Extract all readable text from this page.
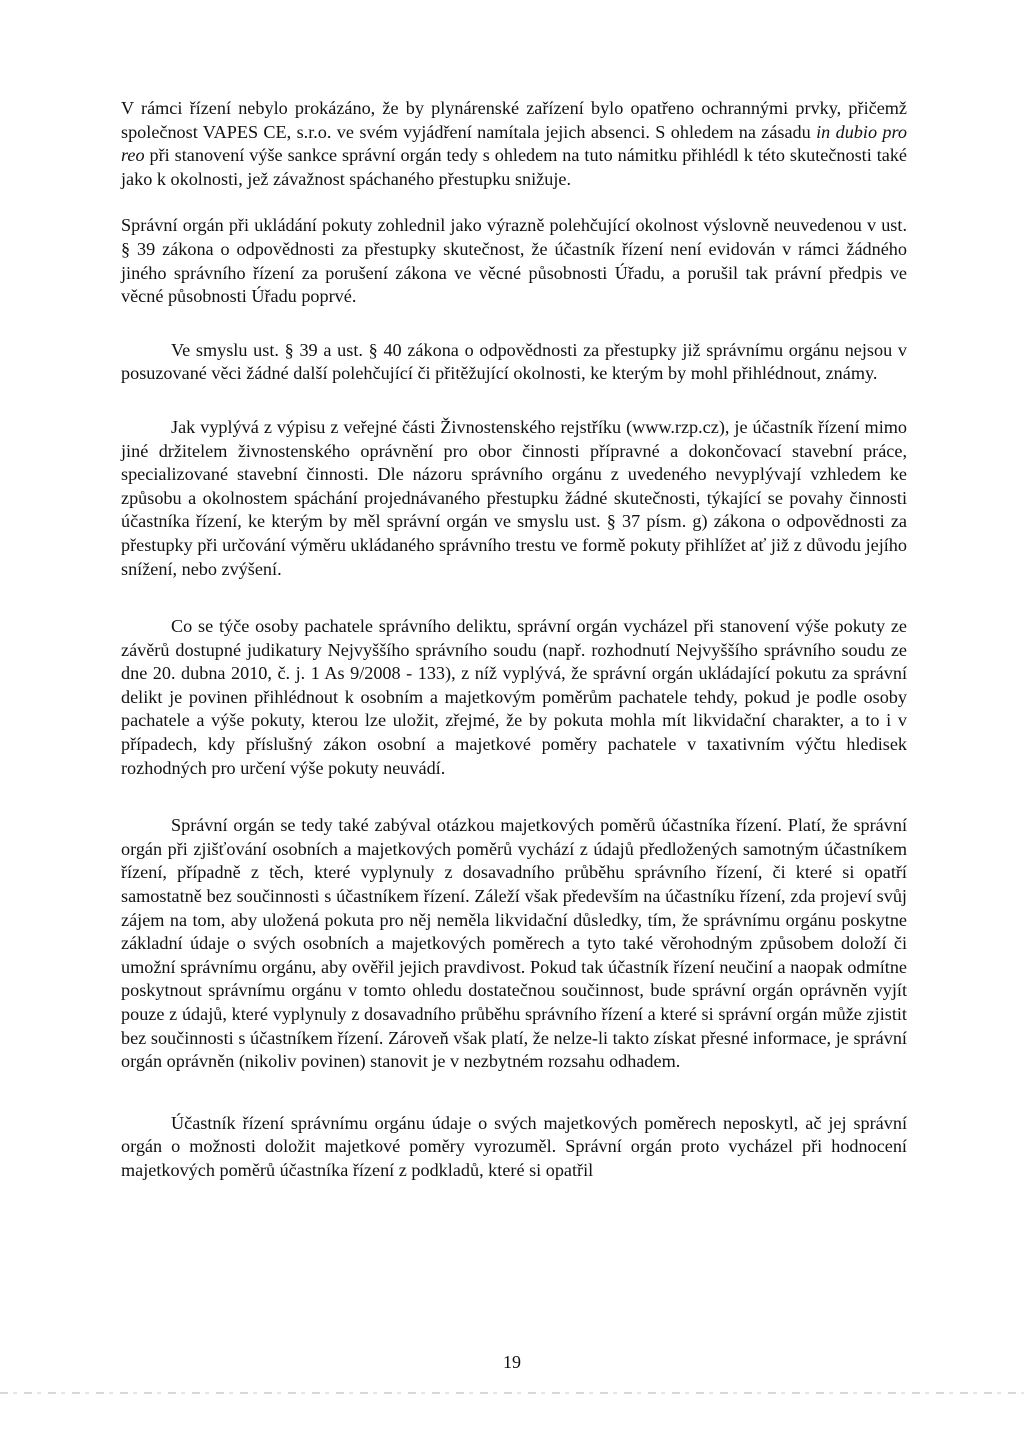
V rámci řízení nebylo prokázáno, že by plynárenské zařízení bylo opatřeno ochrannými prvky, přičemž společnost VAPES CE, s.r.o. ve svém vyjádření namítala jejich absenci. S ohledem na zásadu in dubio pro reo při stanovení výše sankce správní orgán tedy s ohledem na tuto námitku přihlédl k této skutečnosti také jako k okolnosti, jež závažnost spáchaného přestupku snižuje.

Správní orgán při ukládání pokuty zohlednil jako výrazně polehčující okolnost výslovně neuvedenou v ust. § 39 zákona o odpovědnosti za přestupky skutečnost, že účastník řízení není evidován v rámci žádného jiného správního řízení za porušení zákona ve věcné působnosti Úřadu, a porušil tak právní předpis ve věcné působnosti Úřadu poprvé.

Ve smyslu ust. § 39 a ust. § 40 zákona o odpovědnosti za přestupky již správnímu orgánu nejsou v posuzované věci žádné další polehčující či přitěžující okolnosti, ke kterým by mohl přihlédnout, známy.

Jak vyplývá z výpisu z veřejné části Živnostenského rejstříku (www.rzp.cz), je účastník řízení mimo jiné držitelem živnostenského oprávnění pro obor činnosti přípravné a dokončovací stavební práce, specializované stavební činnosti. Dle názoru správního orgánu z uvedeného nevyplývají vzhledem ke způsobu a okolnostem spáchání projednávaného přestupku žádné skutečnosti, týkající se povahy činnosti účastníka řízení, ke kterým by měl správní orgán ve smyslu ust. § 37 písm. g) zákona o odpovědnosti za přestupky při určování výměru ukládaného správního trestu ve formě pokuty přihlížet ať již z důvodu jejího snížení, nebo zvýšení.

Co se týče osoby pachatele správního deliktu, správní orgán vycházel při stanovení výše pokuty ze závěrů dostupné judikatury Nejvyššího správního soudu (např. rozhodnutí Nejvyššího správního soudu ze dne 20. dubna 2010, č. j. 1 As 9/2008 - 133), z níž vyplývá, že správní orgán ukládající pokutu za správní delikt je povinen přihlédnout k osobním a majetkovým poměrům pachatele tehdy, pokud je podle osoby pachatele a výše pokuty, kterou lze uložit, zřejmé, že by pokuta mohla mít likvidační charakter, a to i v případech, kdy příslušný zákon osobní a majetkové poměry pachatele v taxativním výčtu hledisek rozhodných pro určení výše pokuty neuvádí.

Správní orgán se tedy také zabýval otázkou majetkových poměrů účastníka řízení. Platí, že správní orgán při zjišťování osobních a majetkových poměrů vychází z údajů předložených samotným účastníkem řízení, případně z těch, které vyplynuly z dosavadního průběhu správního řízení, či které si opatří samostatně bez součinnosti s účastníkem řízení. Záleží však především na účastníku řízení, zda projeví svůj zájem na tom, aby uložená pokuta pro něj neměla likvidační důsledky, tím, že správnímu orgánu poskytne základní údaje o svých osobních a majetkových poměrech a tyto také věrohodným způsobem doloží či umožní správnímu orgánu, aby ověřil jejich pravdivost. Pokud tak účastník řízení neučiní a naopak odmítne poskytnout správnímu orgánu v tomto ohledu dostatečnou součinnost, bude správní orgán oprávněn vyjít pouze z údajů, které vyplynuly z dosavadního průběhu správního řízení a které si správní orgán může zjistit bez součinnosti s účastníkem řízení. Zároveň však platí, že nelze-li takto získat přesné informace, je správní orgán oprávněn (nikoliv povinen) stanovit je v nezbytném rozsahu odhadem.

Účastník řízení správnímu orgánu údaje o svých majetkových poměrech neposkytl, ač jej správní orgán o možnosti doložit majetkové poměry vyrozuměl. Správní orgán proto vycházel při hodnocení majetkových poměrů účastníka řízení z podkladů, které si opatřil

19
